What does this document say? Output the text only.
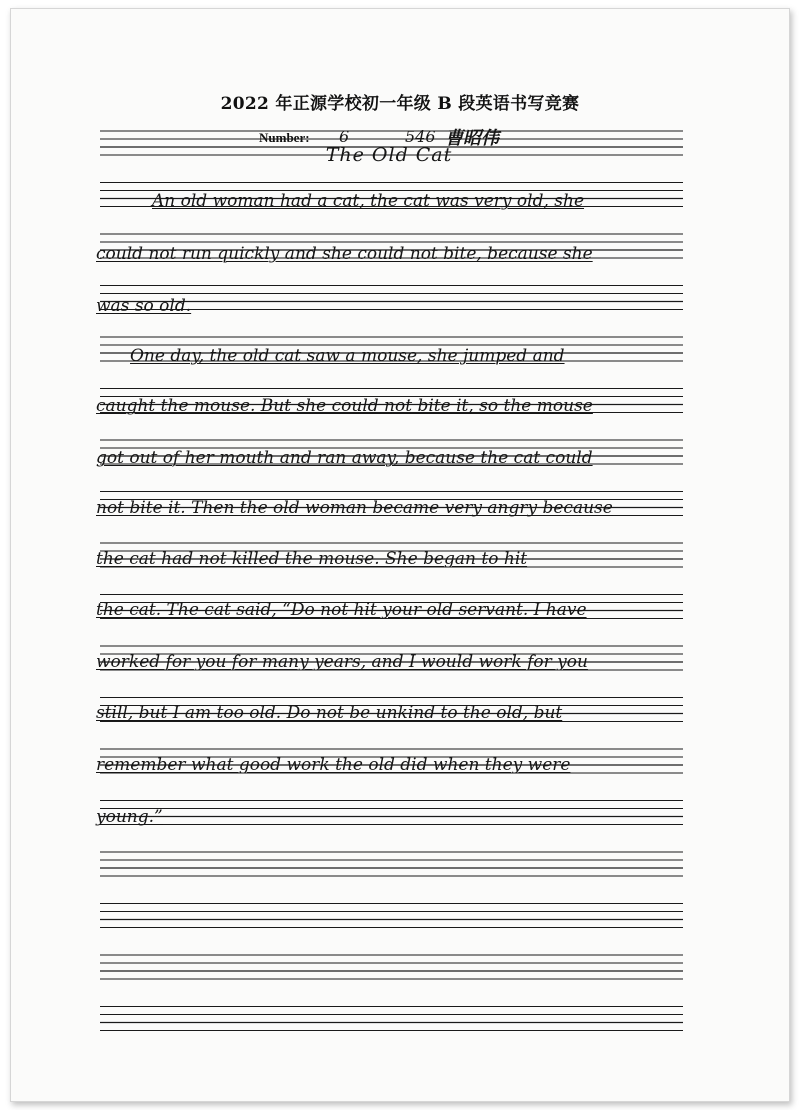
2022 年正源学校初一年级 B 段英语书写竞赛
Number: 6	546 曹昭伟
The Old Cat
An old woman had a cat, the cat was very old, she
could not run quickly and she could not bite, because she
was so old.
One day, the old cat saw a mouse, she jumped and
caught the mouse. But she could not bite it, so the mouse
got out of her mouth and ran away, because the cat could
not bite it. Then the old woman became very angry because
the cat had not killed the mouse. She began to hit
the cat. The cat said, “Do not hit your old servant. I have
worked for you for many years, and I would work for you
still, but I am too old. Do not be unkind to the old, but
remember what good work the old did when they were
young.”
